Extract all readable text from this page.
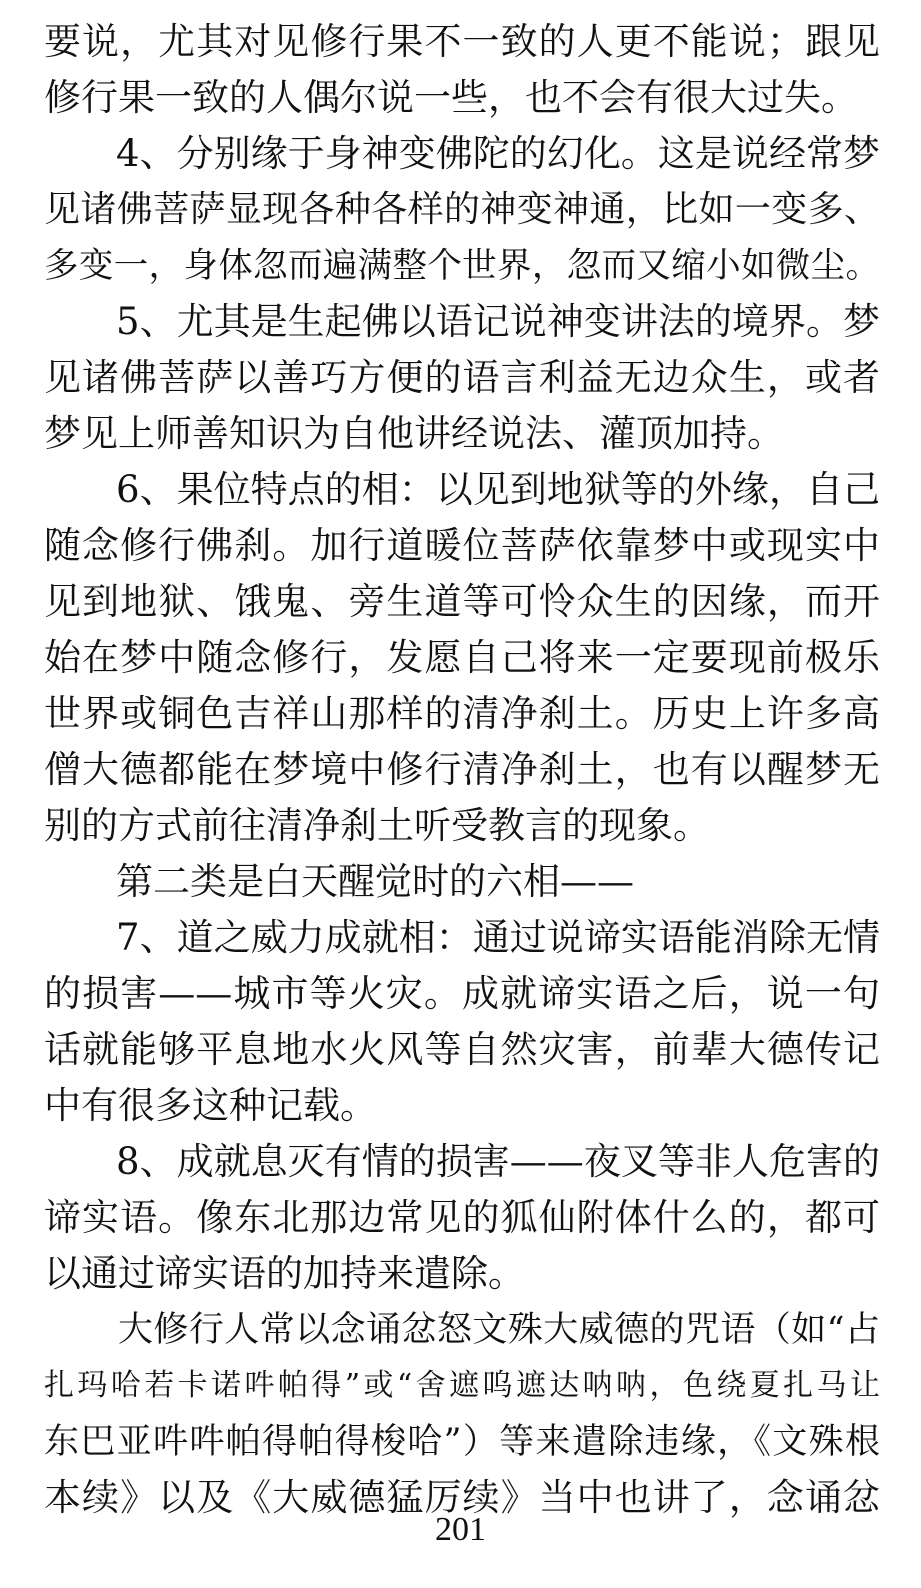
要说，尤其对见修行果不一致的人更不能说；跟见
修行果一致的人偶尔说一些，也不会有很大过失。
4、分别缘于身神变佛陀的幻化。这是说经常梦
见诸佛菩萨显现各种各样的神变神通，比如一变多、
多变一，身体忽而遍满整个世界，忽而又缩小如微尘。
5、尤其是生起佛以语记说神变讲法的境界。梦
见诸佛菩萨以善巧方便的语言利益无边众生，或者
梦见上师善知识为自他讲经说法、灌顶加持。
6、果位特点的相：以见到地狱等的外缘，自己
随念修行佛刹。加行道暖位菩萨依靠梦中或现实中
见到地狱、饿鬼、旁生道等可怜众生的因缘，而开
始在梦中随念修行，发愿自己将来一定要现前极乐
世界或铜色吉祥山那样的清净刹土。历史上许多高
僧大德都能在梦境中修行清净刹土，也有以醒梦无
别的方式前往清净刹土听受教言的现象。
第二类是白天醒觉时的六相——
7、道之威力成就相：通过说谛实语能消除无情
的损害——城市等火灾。成就谛实语之后，说一句
话就能够平息地水火风等自然灾害，前辈大德传记
中有很多这种记载。
8、成就息灭有情的损害——夜叉等非人危害的
谛实语。像东北那边常见的狐仙附体什么的，都可
以通过谛实语的加持来遣除。
大修行人常以念诵忿怒文殊大威德的咒语（如“占
扎玛哈若卡诺吽帕得”或“舍遮呜遮达呐呐，色绕夏扎马让
东巴亚吽吽帕得帕得梭哈”）等来遣除违缘，《文殊根
本续》以及《大威德猛厉续》当中也讲了，念诵忿
201
